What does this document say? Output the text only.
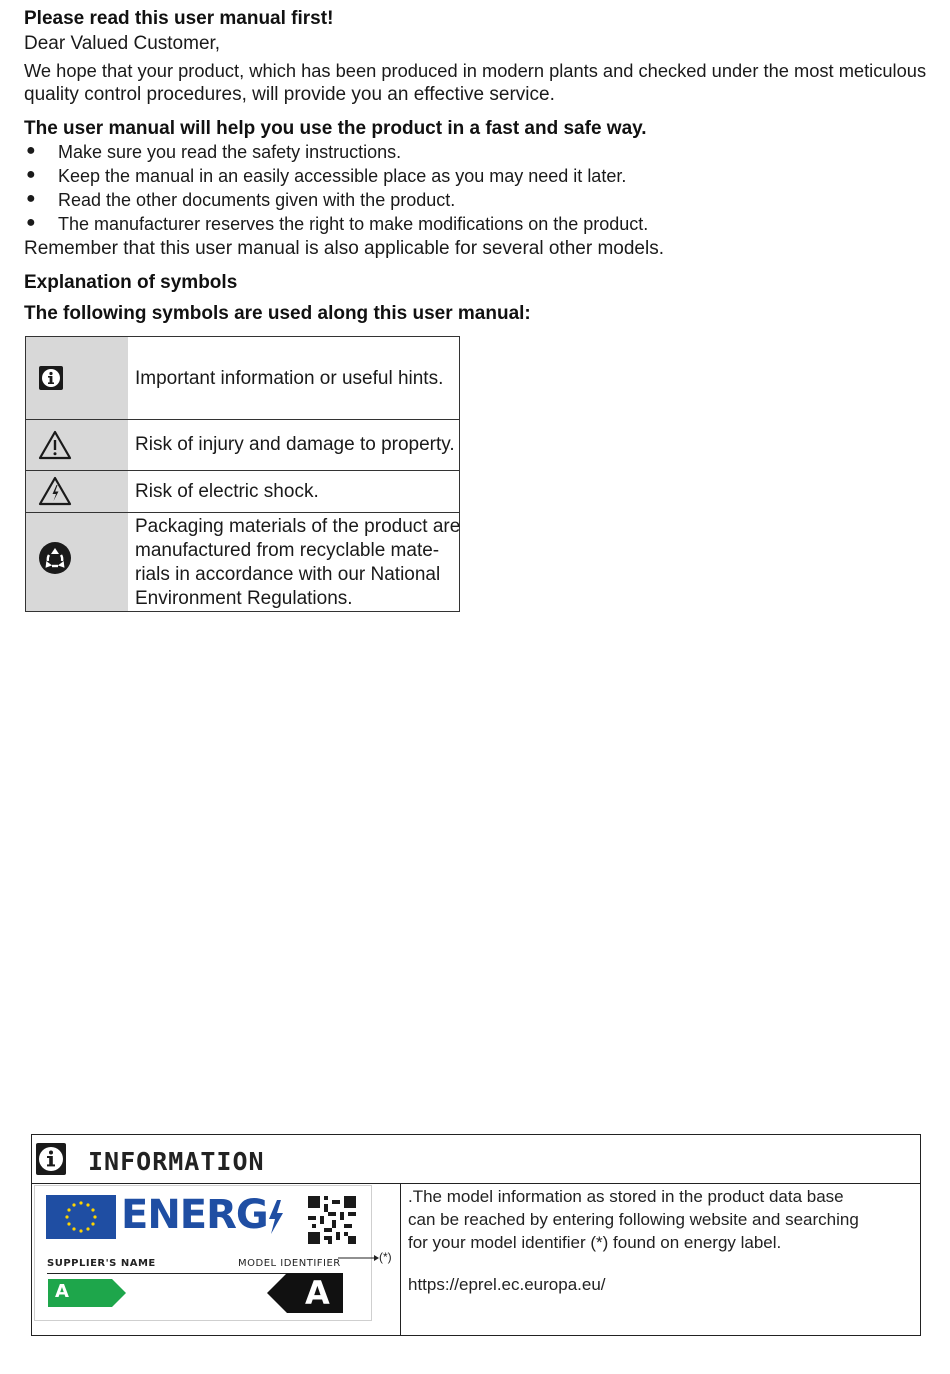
Please read this user manual first!
Dear Valued Customer,
We hope that your product, which has been produced in modern plants and checked under the most meticulous
quality control procedures, will provide you an effective service.
The user manual will help you use the product in a fast and safe way.
● Make sure you read the safety instructions.
● Keep the manual in an easily accessible place as you may need it later.
● Read the other documents given with the product.
● The manufacturer reserves the right to make modifications on the product.
Remember that this user manual is also applicable for several other models.
Explanation of symbols
The following symbols are used along this user manual:
Important information or useful hints.
Risk of injury and damage to property.
Risk of electric shock.
Packaging materials of the product are
manufactured from recyclable mate-
rials in accordance with our National
Environment Regulations.
INFORMATION
ENERG
SUPPLIER'S NAME	MODEL IDENTIFIER
A	A
(*)
.The model information as stored in the product data base
can be reached by entering following website and searching
for your model identifier (*) found on energy label.
https://eprel.ec.europa.eu/
